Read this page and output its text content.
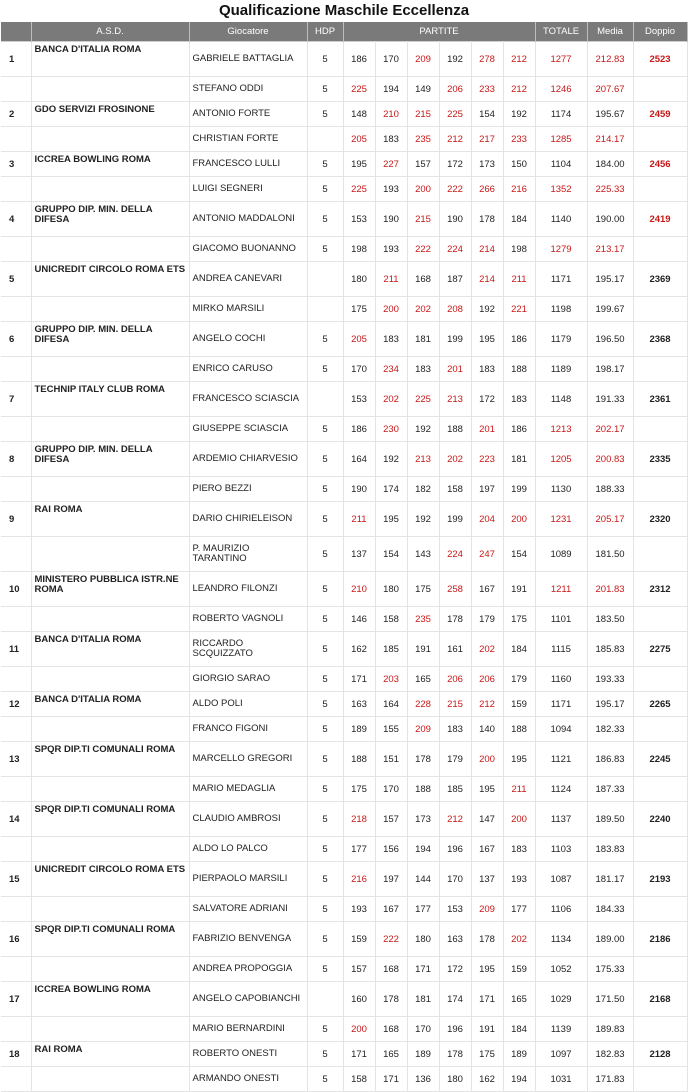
Qualificazione Maschile Eccellenza
	A.S.D.	Giocatore	HDP	PARTITE						TOTALE	Media	Doppio
1	BANCA D'ITALIA ROMA	GABRIELE BATTAGLIA	5	186	170	209	192	278	212	1277	212.83	2523
		STEFANO ODDI	5	225	194	149	206	233	212	1246	207.67	
2	GDO SERVIZI FROSINONE	ANTONIO FORTE	5	148	210	215	225	154	192	1174	195.67	2459
		CHRISTIAN FORTE		205	183	235	212	217	233	1285	214.17	
3	ICCREA BOWLING ROMA	FRANCESCO LULLI	5	195	227	157	172	173	150	1104	184.00	2456
		LUIGI SEGNERI	5	225	193	200	222	266	216	1352	225.33	
4	GRUPPO DIP. MIN. DELLA DIFESA	ANTONIO MADDALONI	5	153	190	215	190	178	184	1140	190.00	2419
		GIACOMO BUONANNO	5	198	193	222	224	214	198	1279	213.17	
5	UNICREDIT CIRCOLO ROMA ETS	ANDREA CANEVARI		180	211	168	187	214	211	1171	195.17	2369
		MIRKO MARSILI		175	200	202	208	192	221	1198	199.67	
6	GRUPPO DIP. MIN. DELLA DIFESA	ANGELO COCHI	5	205	183	181	199	195	186	1179	196.50	2368
		ENRICO CARUSO	5	170	234	183	201	183	188	1189	198.17	
7	TECHNIP ITALY CLUB ROMA	FRANCESCO SCIASCIA		153	202	225	213	172	183	1148	191.33	2361
		GIUSEPPE SCIASCIA	5	186	230	192	188	201	186	1213	202.17	
8	GRUPPO DIP. MIN. DELLA DIFESA	ARDEMIO CHIARVESIO	5	164	192	213	202	223	181	1205	200.83	2335
		PIERO BEZZI	5	190	174	182	158	197	199	1130	188.33	
9	RAI ROMA	DARIO CHIRIELEISON	5	211	195	192	199	204	200	1231	205.17	2320
		P. MAURIZIO TARANTINO	5	137	154	143	224	247	154	1089	181.50	
10	MINISTERO PUBBLICA ISTR.NE ROMA	LEANDRO FILONZI	5	210	180	175	258	167	191	1211	201.83	2312
		ROBERTO VAGNOLI	5	146	158	235	178	179	175	1101	183.50	
11	BANCA D'ITALIA ROMA	RICCARDO SCQUIZZATO	5	162	185	191	161	202	184	1115	185.83	2275
		GIORGIO SARAO	5	171	203	165	206	206	179	1160	193.33	
12	BANCA D'ITALIA ROMA	ALDO POLI	5	163	164	228	215	212	159	1171	195.17	2265
		FRANCO FIGONI	5	189	155	209	183	140	188	1094	182.33	
13	SPQR DIP.TI COMUNALI ROMA	MARCELLO GREGORI	5	188	151	178	179	200	195	1121	186.83	2245
		MARIO MEDAGLIA	5	175	170	188	185	195	211	1124	187.33	
14	SPQR DIP.TI COMUNALI ROMA	CLAUDIO AMBROSI	5	218	157	173	212	147	200	1137	189.50	2240
		ALDO LO PALCO	5	177	156	194	196	167	183	1103	183.83	
15	UNICREDIT CIRCOLO ROMA ETS	PIERPAOLO MARSILI	5	216	197	144	170	137	193	1087	181.17	2193
		SALVATORE ADRIANI	5	193	167	177	153	209	177	1106	184.33	
16	SPQR DIP.TI COMUNALI ROMA	FABRIZIO BENVENGA	5	159	222	180	163	178	202	1134	189.00	2186
		ANDREA PROPOGGIA	5	157	168	171	172	195	159	1052	175.33	
17	ICCREA BOWLING ROMA	ANGELO CAPOBIANCHI		160	178	181	174	171	165	1029	171.50	2168
		MARIO BERNARDINI	5	200	168	170	196	191	184	1139	189.83	
18	RAI ROMA	ROBERTO ONESTI	5	171	165	189	178	175	189	1097	182.83	2128
		ARMANDO ONESTI	5	158	171	136	180	162	194	1031	171.83	
